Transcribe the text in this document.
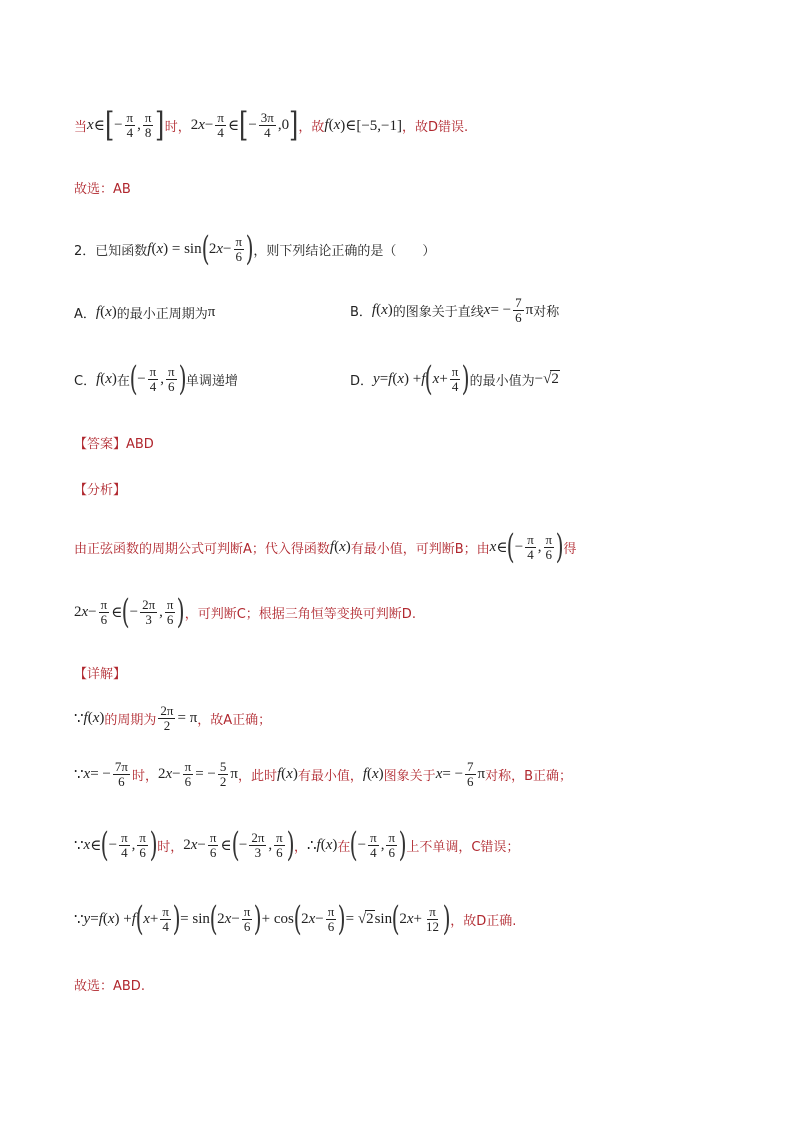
当 x ∈ [ − $\frac{\pi}{4}$ , $\frac{\pi}{8}$ ] 时， 2 $x - \frac{\pi}{4}$ ∈ [ − $\frac{3\pi}{4} ,0$ ] ，故 f ( x )∈[−5,−1] ，故D错误.
故选：AB
2．已知函数 f ( x ) = sin ( 2 $x - \frac{\pi}{6}$ ) ，则下列结论正确的是（　　）
A． f ( x ) 的最小正周期为 π	B． f ( x ) 的图象关于直线 x = − $\frac{7}{6}$ π 对称
C． f ( x ) 在 ( − $\frac{\pi}{4}$ , $\frac{\pi}{6}$ ) 单调递增	D． y = f ( x ) + f ( $x + \frac{\pi}{4}$ ) 的最小值为 −√ 2
【答案】ABD
【分析】
由正弦函数的周期公式可判断A；代入得函数 f ( x ) 有最小值，可判断B；由 x ∈ ( − $\frac{\pi}{4}$ , $\frac{\pi}{6}$ ) 得
2 $x - \frac{\pi}{6}$ ∈ ( − $\frac{2\pi}{3}$ , $\frac{\pi}{6}$ ) ，可判断C；根据三角恒等变换可判断D.
【详解】
∵ f ( x ) 的周期为 $\frac{2\pi}{2} = \pi$ ，故A正确；
∵ x = − $\frac{7\pi}{6}$ 时， 2 $x - \frac{\pi}{6}$ = − $\frac{5}{2}$ π ，此时 f ( x ) 有最小值， f ( x ) 图象关于 x = − $\frac{7}{6}$ π 对称，B正确；
∵ x ∈ ( − $\frac{\pi}{4}$ , $\frac{\pi}{6}$ ) 时， 2 $x - \frac{\pi}{6}$ ∈ ( − $\frac{2\pi}{3}$ , $\frac{\pi}{6}$ ) ， ∴ f ( x ) 在 ( − $\frac{\pi}{4}$ , $\frac{\pi}{6}$ ) 上不单调，C错误；
∵ y = f ( x ) + f ( $x + \frac{\pi}{4}$ ) = sin ( 2 $x - \frac{\pi}{6}$ ) + cos ( 2 $x - \frac{\pi}{6}$ ) = √ 2 sin ( 2 $x + \frac{\pi}{12}$ ) ，故D正确.
故选：ABD.
